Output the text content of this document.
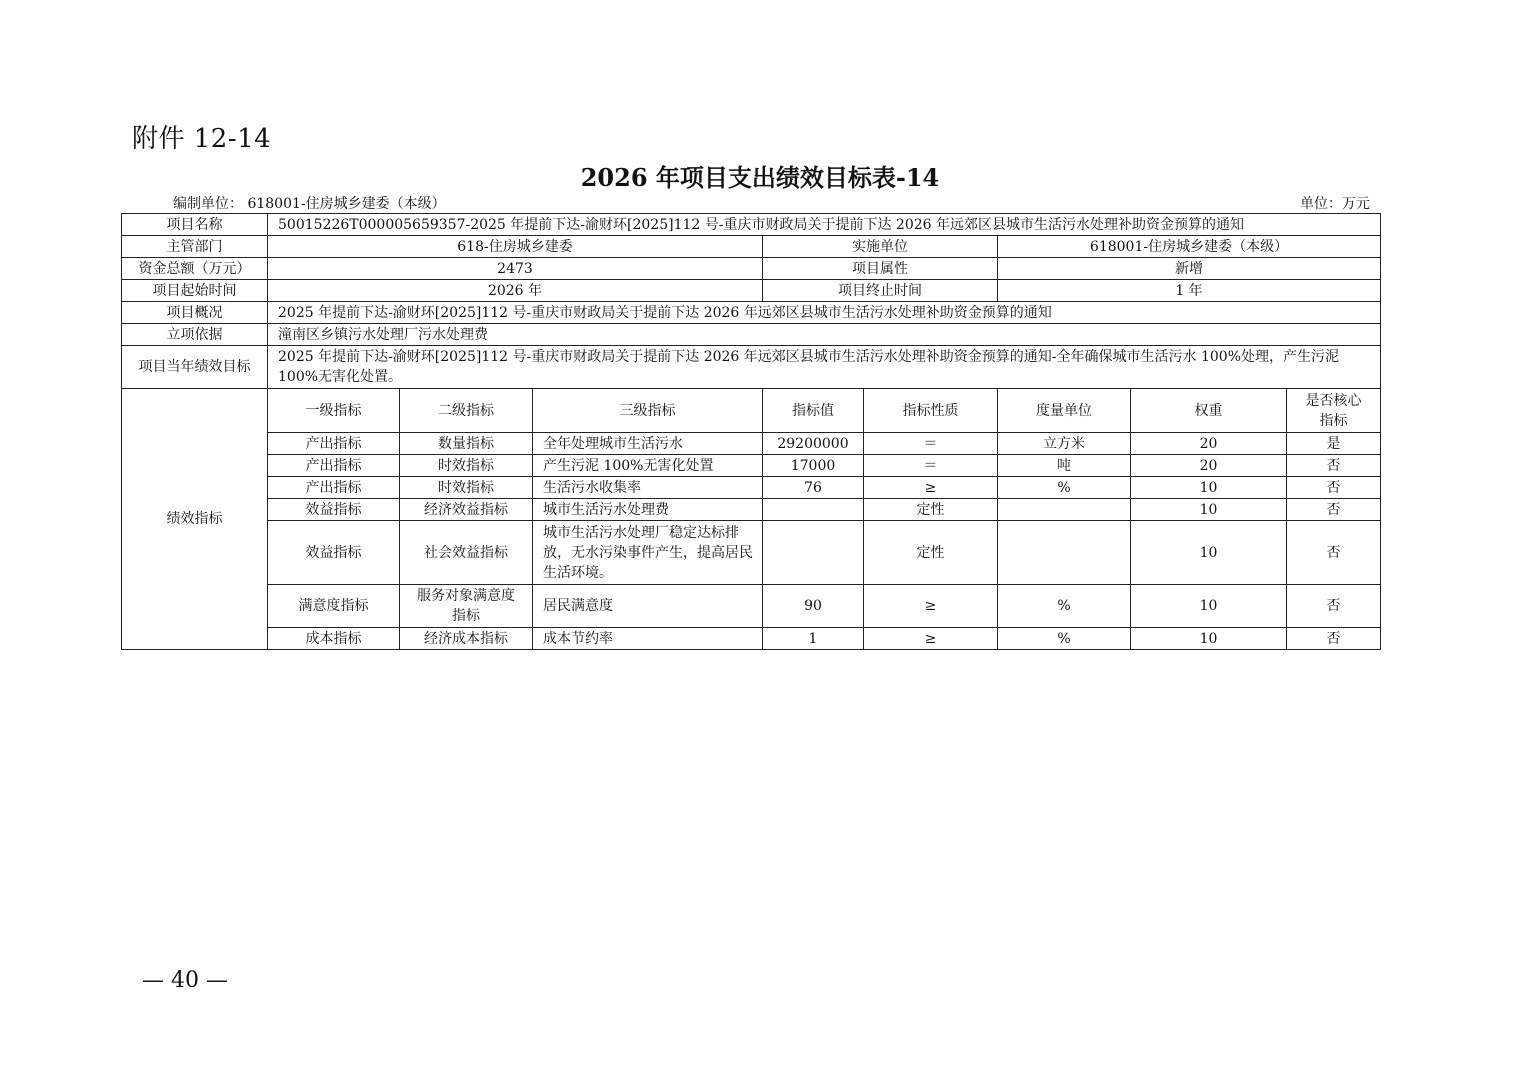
附件 12-14
2026 年项目支出绩效目标表-14
编制单位： 618001-住房城乡建委（本级）	单位：万元
项目名称	50015226T000005659357-2025 年提前下达-渝财环[2025]112 号-重庆市财政局关于提前下达 2026 年远郊区县城市生活污水处理补助资金预算的通知							
主管部门	618-住房城乡建委			实施单位		618001-住房城乡建委（本级）		
资金总额（万元）	2473			项目属性		新增		
项目起始时间	2026 年			项目终止时间		1 年		
项目概况	2025 年提前下达-渝财环[2025]112 号-重庆市财政局关于提前下达 2026 年远郊区县城市生活污水处理补助资金预算的通知							
立项依据	潼南区乡镇污水处理厂污水处理费							
项目当年绩效目标	2025 年提前下达-渝财环[2025]112 号-重庆市财政局关于提前下达 2026 年远郊区县城市生活污水处理补助资金预算的通知-全年确保城市生活污水 100%处理，产生污泥 100%无害化处置。							
绩效指标	一级指标	二级指标	三级指标	指标值	指标性质	度量单位	权重	是否核心指标
	产出指标	数量指标	全年处理城市生活污水	29200000	＝	立方米	20	是
	产出指标	时效指标	产生污泥 100%无害化处置	17000	＝	吨	20	否
	产出指标	时效指标	生活污水收集率	76	≥	%	10	否
	效益指标	经济效益指标	城市生活污水处理费		定性		10	否
	效益指标	社会效益指标	城市生活污水处理厂稳定达标排放，无水污染事件产生，提高居民生活环境。		定性		10	否
	满意度指标	服务对象满意度指标	居民满意度	90	≥	%	10	否
	成本指标	经济成本指标	成本节约率	1	≥	%	10	否
— 40 —
